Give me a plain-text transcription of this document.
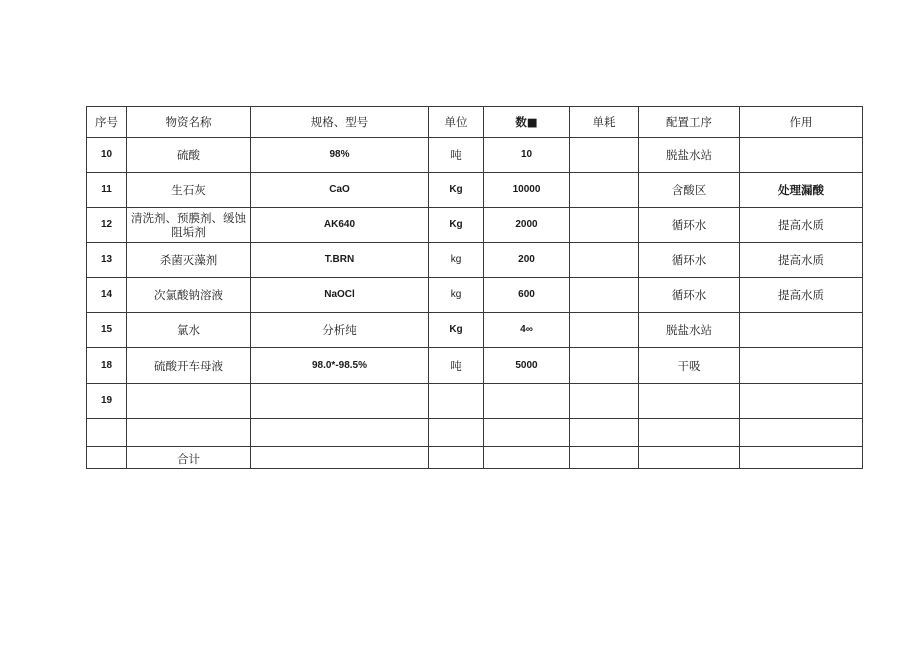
序号	物资名称	规格、型号	单位	数■	单耗	配置工序	作用
10	硫酸	98%	吨	10		脱盐水站	
11	生石灰	CaO	Kg	10000		含酸区	处理漏酸
12	清洗剂、预膜剂、缓蚀阻垢剂	AK640	Kg	2000		循环水	提高水质
13	杀菌灭藻剂	T.BRN	kg	200		循环水	提高水质
14	次氯酸钠溶液	NaOCl	kg	600		循环水	提高水质
15	氯水	分析纯	Kg	4∞		脱盐水站	
18	硫酸开车母液	98.0*-98.5%	吨	5000		干吸	
19							

	合计						
